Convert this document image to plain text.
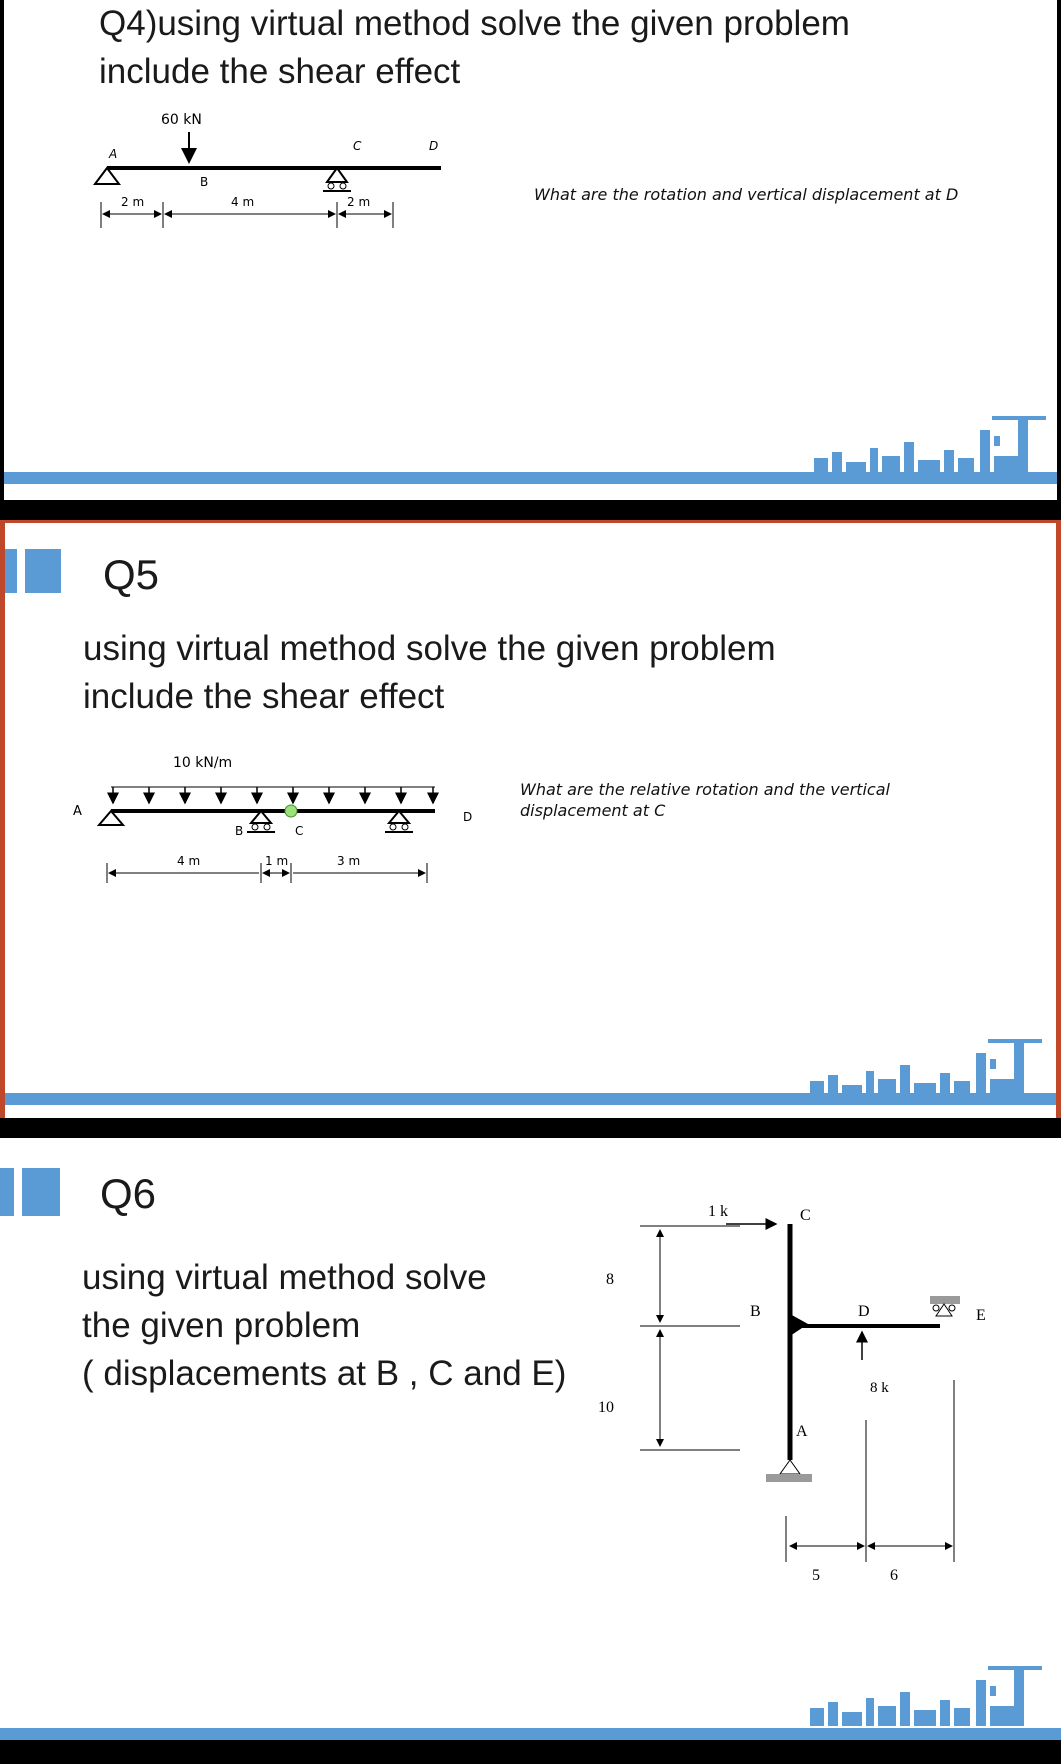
Q4)using virtual method solve the given problem
include the shear effect
60 kN
A
B
C	D
2 m	4 m	2 m	What are the rotation and vertical displacement at D
Q5
using virtual method solve the given problem
include the shear effect
10 kN/m
A
B	C
D
4 m	1 m	3 m
What are the relative rotation and the vertical
displacement at C
Q6
using virtual method solve
the given problem
( displacements at B , C and E)
8
10
1 k	C
B	D
8 k
E
A
5	6
